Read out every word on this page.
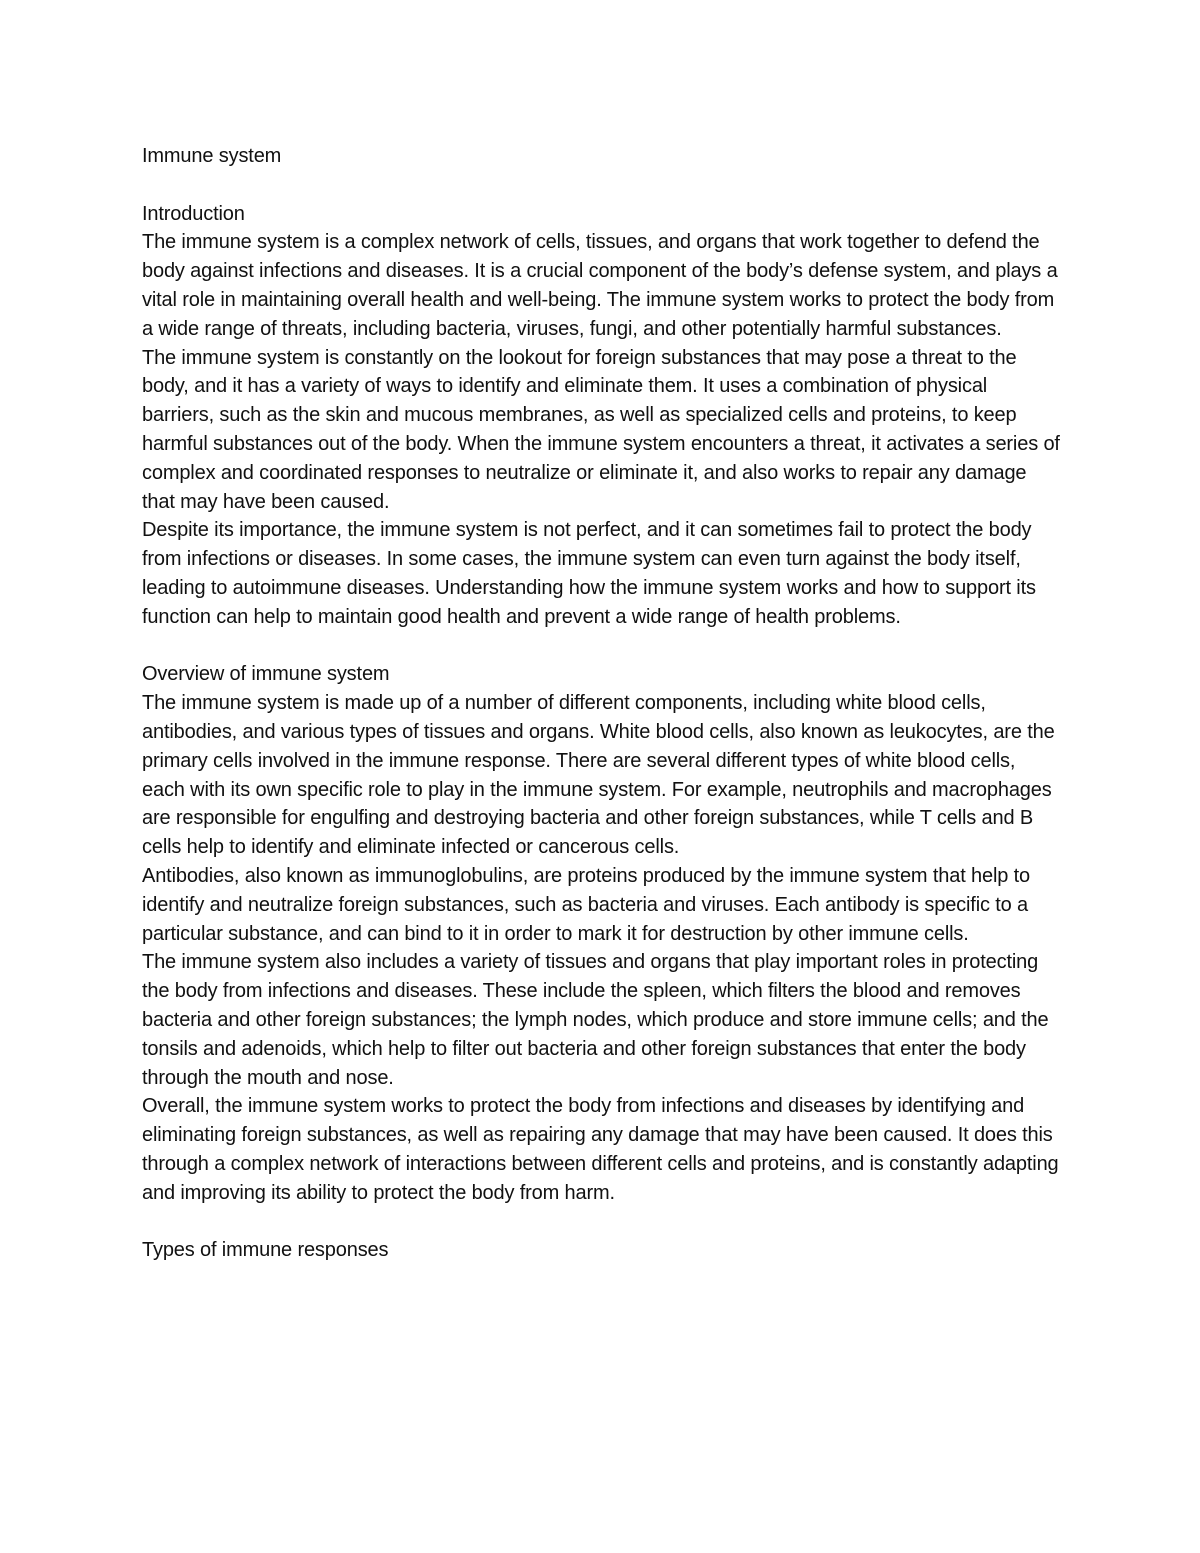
Immune system

Introduction

The immune system is a complex network of cells, tissues, and organs that work together to defend the body against infections and diseases. It is a crucial component of the body’s defense system, and plays a vital role in maintaining overall health and well-being. The immune system works to protect the body from a wide range of threats, including bacteria, viruses, fungi, and other potentially harmful substances.

The immune system is constantly on the lookout for foreign substances that may pose a threat to the body, and it has a variety of ways to identify and eliminate them. It uses a combination of physical barriers, such as the skin and mucous membranes, as well as specialized cells and proteins, to keep harmful substances out of the body. When the immune system encounters a threat, it activates a series of complex and coordinated responses to neutralize or eliminate it, and also works to repair any damage that may have been caused.

Despite its importance, the immune system is not perfect, and it can sometimes fail to protect the body from infections or diseases. In some cases, the immune system can even turn against the body itself, leading to autoimmune diseases. Understanding how the immune system works and how to support its function can help to maintain good health and prevent a wide range of health problems.

Overview of immune system

The immune system is made up of a number of different components, including white blood cells, antibodies, and various types of tissues and organs. White blood cells, also known as leukocytes, are the primary cells involved in the immune response. There are several different types of white blood cells, each with its own specific role to play in the immune system. For example, neutrophils and macrophages are responsible for engulfing and destroying bacteria and other foreign substances, while T cells and B cells help to identify and eliminate infected or cancerous cells.

Antibodies, also known as immunoglobulins, are proteins produced by the immune system that help to identify and neutralize foreign substances, such as bacteria and viruses. Each antibody is specific to a particular substance, and can bind to it in order to mark it for destruction by other immune cells.

The immune system also includes a variety of tissues and organs that play important roles in protecting the body from infections and diseases. These include the spleen, which filters the blood and removes bacteria and other foreign substances; the lymph nodes, which produce and store immune cells; and the tonsils and adenoids, which help to filter out bacteria and other foreign substances that enter the body through the mouth and nose.

Overall, the immune system works to protect the body from infections and diseases by identifying and eliminating foreign substances, as well as repairing any damage that may have been caused. It does this through a complex network of interactions between different cells and proteins, and is constantly adapting and improving its ability to protect the body from harm.

Types of immune responses
